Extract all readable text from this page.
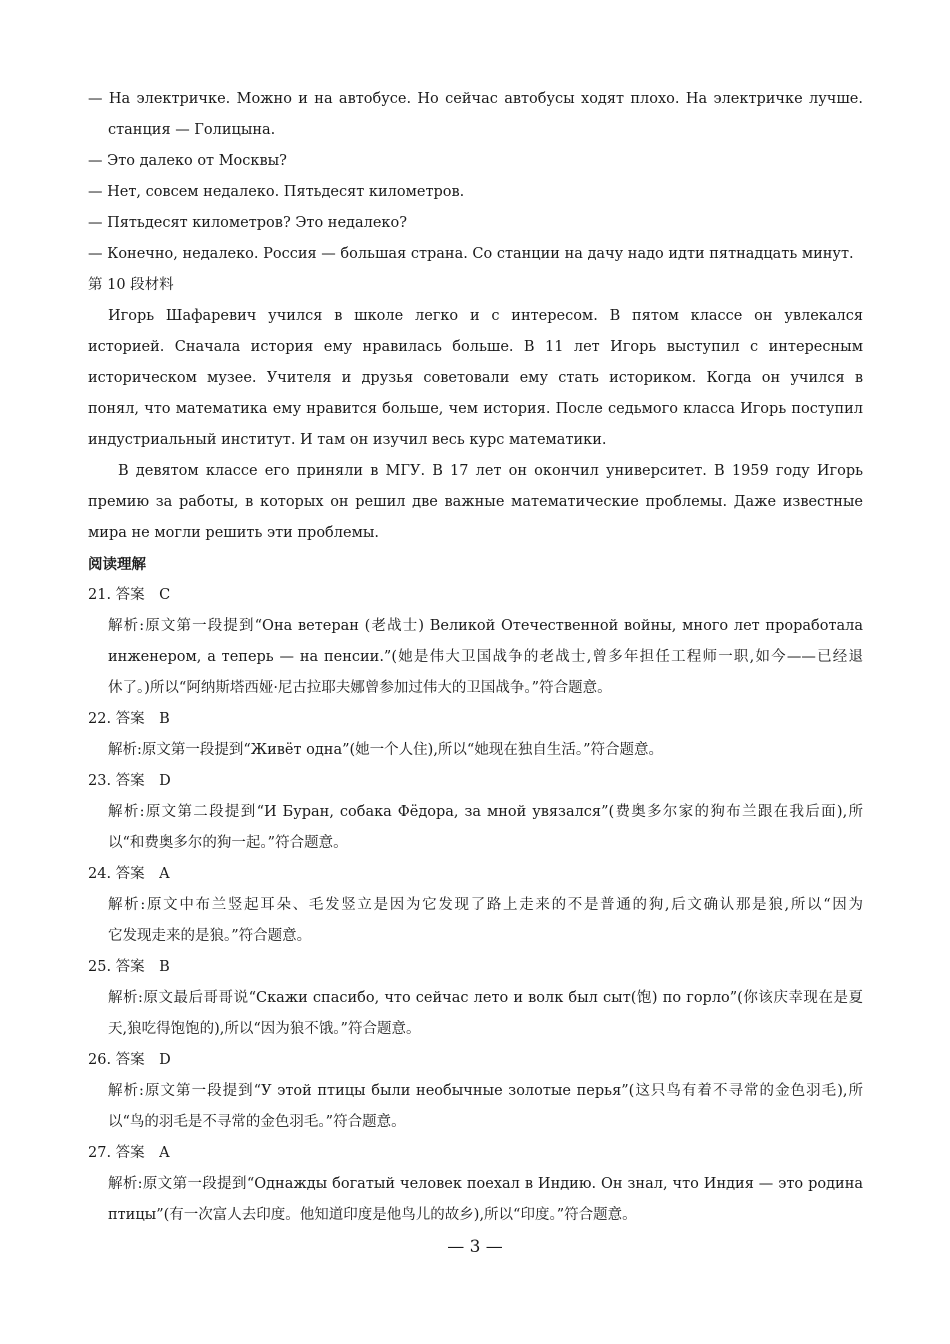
— На электричке. Можно и на автобусе. Но сейчас автобусы ходят плохо. На электричке лучше.
станция — Голицына.
— Это далеко от Москвы?
— Нет, совсем недалеко. Пятьдесят километров.
— Пятьдесят километров? Это недалеко?
— Конечно, недалеко. Россия — большая страна. Со станции на дачу надо идти пятнадцать минут.
第 10 段材料
Игорь Шафаревич учился в школе легко и с интересом. В пятом классе он увлекался
историей. Сначала история ему нравилась больше. В 11 лет Игорь выступил с интересным
историческом музее. Учителя и друзья советовали ему стать историком. Когда он учился в
понял, что математика ему нравится больше, чем история. После седьмого класса Игорь поступил
индустриальный институт. И там он изучил весь курс математики.
В девятом классе его приняли в МГУ. В 17 лет он окончил университет. В 1959 году Игорь
премию за работы, в которых он решил две важные математические проблемы. Даже известные
мира не могли решить эти проблемы.
阅读理解
21. 答案　C
解析:原文第一段提到“Она ветеран (老战士) Великой Отечественной войны, много лет проработала
инженером, а теперь — на пенсии.”(她是伟大卫国战争的老战士,曾多年担任工程师一职,如今——已经退
休了。)所以“阿纳斯塔西娅·尼古拉耶夫娜曾参加过伟大的卫国战争。”符合题意。
22. 答案　B
解析:原文第一段提到“Живёт одна”(她一个人住),所以“她现在独自生活。”符合题意。
23. 答案　D
解析:原文第二段提到“И Буран, собака Фёдора, за мной увязался”(费奥多尔家的狗布兰跟在我后面),所
以“和费奥多尔的狗一起。”符合题意。
24. 答案　A
解析:原文中布兰竖起耳朵、毛发竖立是因为它发现了路上走来的不是普通的狗,后文确认那是狼,所以“因为
它发现走来的是狼。”符合题意。
25. 答案　B
解析:原文最后哥哥说“Скажи спасибо, что сейчас лето и волк был сыт(饱) по горло”(你该庆幸现在是夏
天,狼吃得饱饱的),所以“因为狼不饿。”符合题意。
26. 答案　D
解析:原文第一段提到“У этой птицы были необычные золотые перья”(这只鸟有着不寻常的金色羽毛),所
以“鸟的羽毛是不寻常的金色羽毛。”符合题意。
27. 答案　A
解析:原文第一段提到“Однажды богатый человек поехал в Индию. Он знал, что Индия — это родина
птицы”(有一次富人去印度。他知道印度是他鸟儿的故乡),所以“印度。”符合题意。
— 3 —
